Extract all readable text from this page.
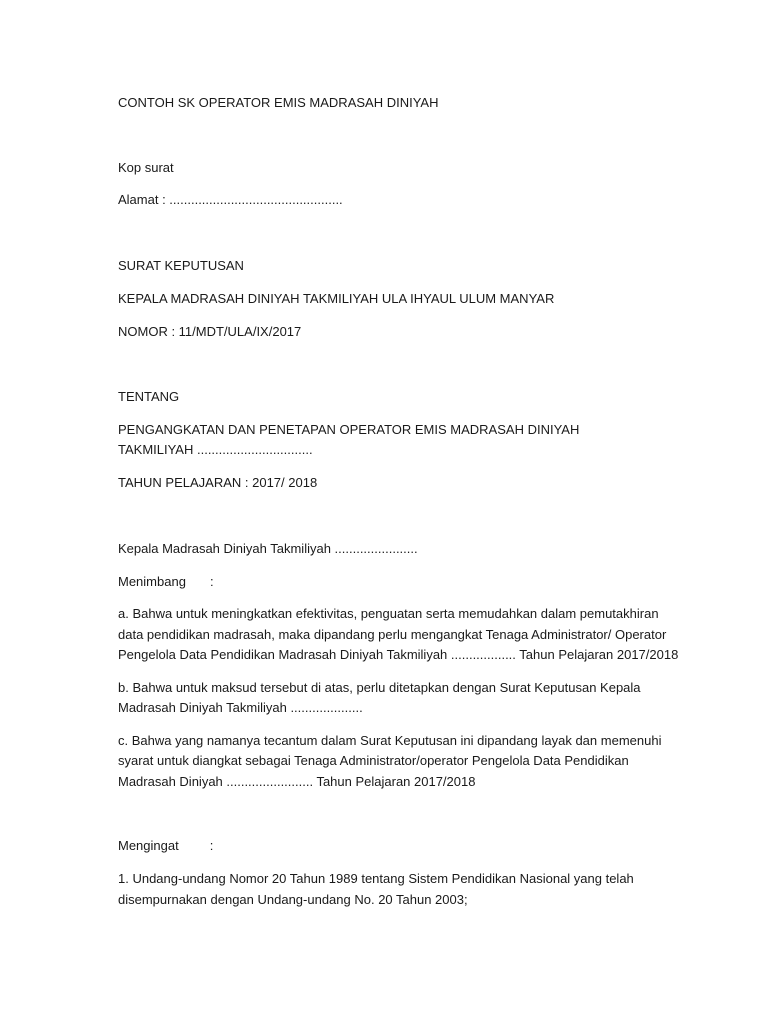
CONTOH SK OPERATOR EMIS MADRASAH DINIYAH
Kop surat
Alamat : ................................................
SURAT KEPUTUSAN
KEPALA MADRASAH DINIYAH TAKMILIYAH ULA IHYAUL ULUM MANYAR
NOMOR : 11/MDT/ULA/IX/2017
TENTANG
PENGANGKATAN DAN PENETAPAN OPERATOR EMIS MADRASAH DINIYAH
TAKMILIYAH ................................
TAHUN PELAJARAN : 2017/ 2018
Kepala Madrasah Diniyah Takmiliyah .......................
Menimbang :
a. Bahwa untuk meningkatkan efektivitas, penguatan serta memudahkan dalam pemutakhiran
data pendidikan madrasah, maka dipandang perlu mengangkat Tenaga Administrator/ Operator
Pengelola Data Pendidikan Madrasah Diniyah Takmiliyah .................. Tahun Pelajaran 2017/2018
b. Bahwa untuk maksud tersebut di atas, perlu ditetapkan dengan Surat Keputusan Kepala
Madrasah Diniyah Takmiliyah ....................
c. Bahwa yang namanya tecantum dalam Surat Keputusan ini dipandang layak dan memenuhi
syarat untuk diangkat sebagai Tenaga Administrator/operator Pengelola Data Pendidikan
Madrasah Diniyah ........................ Tahun Pelajaran 2017/2018
Mengingat :
1. Undang-undang Nomor 20 Tahun 1989 tentang Sistem Pendidikan Nasional yang telah
disempurnakan dengan Undang-undang No. 20 Tahun 2003;
